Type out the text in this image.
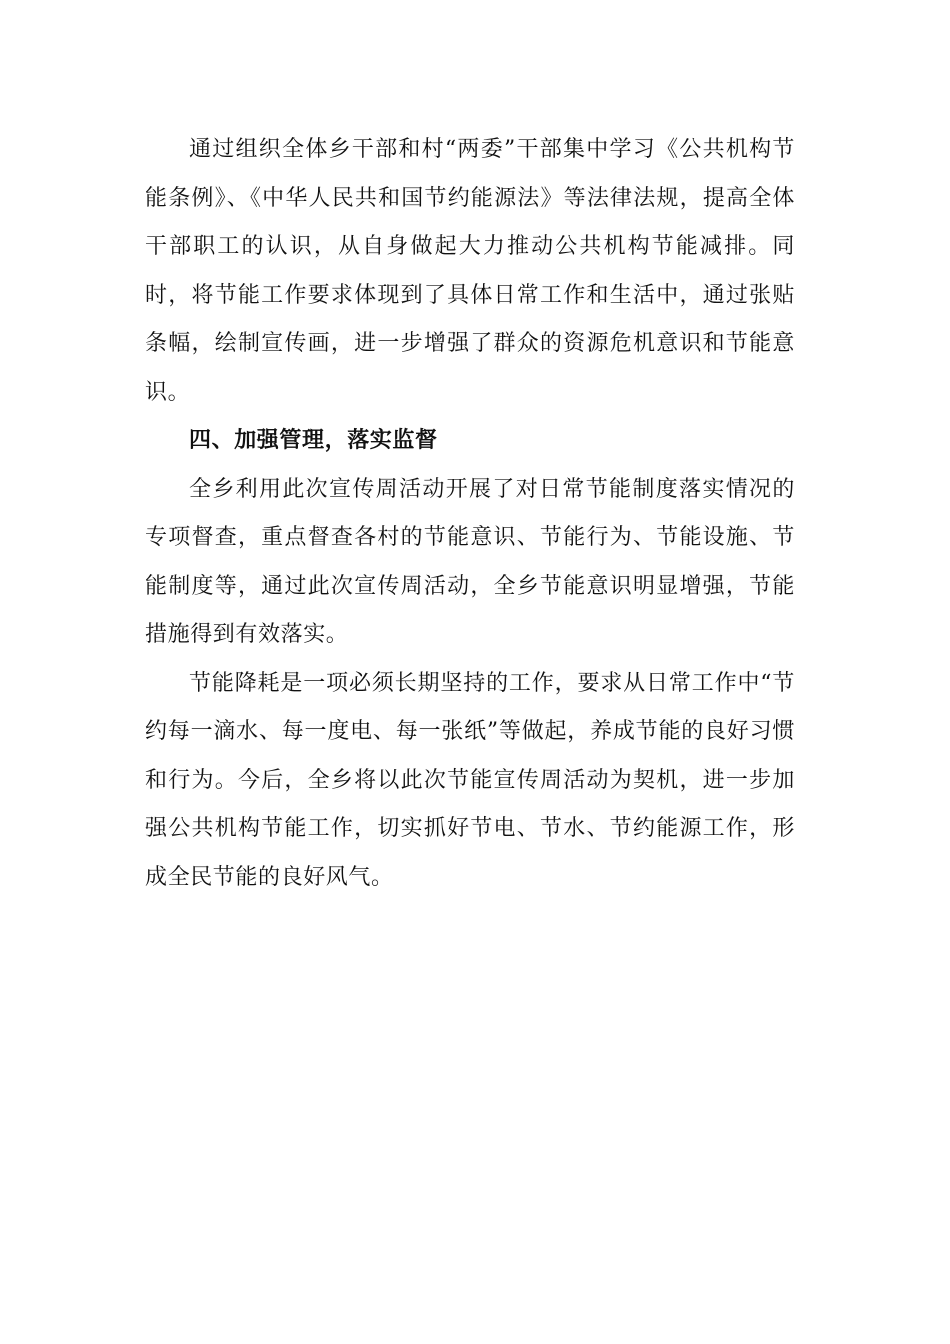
通过组织全体乡干部和村“两委”干部集中学习《公共机构节能条例》、《中华人民共和国节约能源法》等法律法规，提高全体干部职工的认识，从自身做起大力推动公共机构节能减排。同时，将节能工作要求体现到了具体日常工作和生活中，通过张贴条幅，绘制宣传画，进一步增强了群众的资源危机意识和节能意识。

四、加强管理，落实监督

全乡利用此次宣传周活动开展了对日常节能制度落实情况的专项督查，重点督查各村的节能意识、节能行为、节能设施、节能制度等，通过此次宣传周活动，全乡节能意识明显增强，节能措施得到有效落实。

节能降耗是一项必须长期坚持的工作，要求从日常工作中“节约每一滴水、每一度电、每一张纸”等做起，养成节能的良好习惯和行为。今后，全乡将以此次节能宣传周活动为契机，进一步加强公共机构节能工作，切实抓好节电、节水、节约能源工作，形成全民节能的良好风气。
